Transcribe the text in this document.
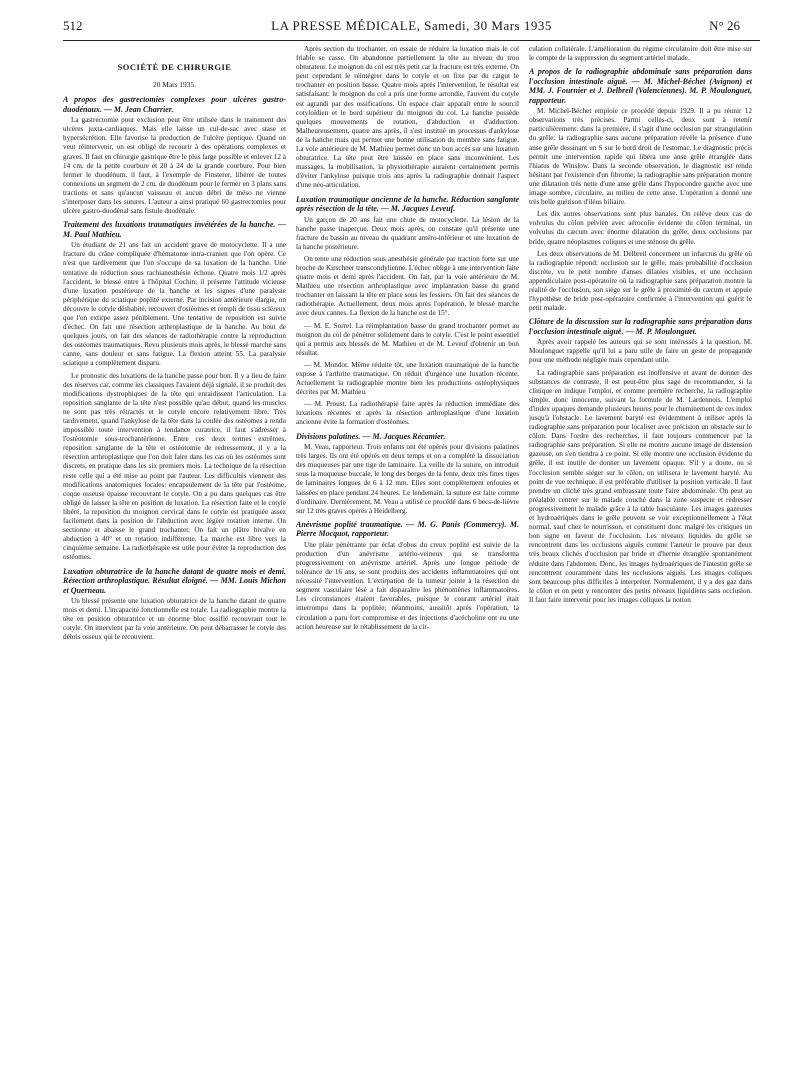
512	LA PRESSE MÉDICALE, Samedi, 30 Mars 1935	N° 26
SOCIÉTÉ DE CHIRURGIE
20 Mars 1935.
A propos des gastrectomies complexes pour ulcères gastro-duodénaux. — M. Jean Charrier.

La gastrectomie pour exclusion peut être utilisée dans le traitement des ulcères juxta-cardiaques. Mais elle laisse un cul-de-sac avec stase et hypersécrétion. Elle favorise la production de l'ulcère peptique. Quand on veut réintervenir, on est obligé de recourir à des opérations complexes et graves. Il faut en chirurgie gastrique être le plus large possible et enlever 12 à 14 cm. de la petite courbure et 20 à 24 de la grande courbure. Pour bien fermer le duodénum, il faut, à l'exemple de Finsterer, libérer de toutes connexions un segment de 2 cm. de duodénum pour le fermer en 3 plans sans tractions et sans qu'aucun vaisseau et aucun débri de méso ne vienne s'interposer dans les sutures. L'auteur a ainsi pratiqué 60 gastrectomies pour ulcère gastro-duodénal sans fistule duodénale.

Traitement des luxations traumatiques invétérées de la hanche. — M. Paul Mathieu.

Un étudiant de 21 ans fait un accident grave de motocyclette. Il a une fracture du crâne compliquée d'hématome intra-cranien que l'on opère. Ce n'est que tardivement que l'on s'occupe de sa luxation de la hanche. Une tentative de réduction sous rachianesthésie échoue. Quatre mois 1/2 après l'accident, le blessé entre à l'hôpital Cochin; il présente l'attitude vicieuse d'une luxation postérieure de la hanche et les signes d'une paralysie périphérique du sciatique poplité externe. Par incision antérieure élargie, on découvre le cotyle déshabité, recouvert d'ostéomes et rempli de tissu scléreux que l'on extirpe assez péniblement. Une tentative de reposition est suivie d'échec. On fait une résection arthroplastique de la hanche. Au bout de quelques jours, on fait des séances de radiothérapie contre la reproduction des ostéomes traumatiques. Revu plusieurs mois après, le blessé marche sans canne, sans douleur et sans fatigue. La flexion atteint 55. La paralysie sciatique a complètement disparu.

Le pronostic des luxations de la hanche passe pour bon. Il y a lieu de faire des réserves car, comme les classiques l'avaient déjà signalé, il se produit des modifications dystrophiques de la tête qui enraidissent l'articulation. La reposition sanglante de la tête n'est possible qu'au début, quand les muscles ne sont pas très rétractés et le cotyle encore relativement libre. Très tardivement, quand l'ankylose de la tête dans la coulée des ostéomes a rendu impossible toute intervention à tendance curatrice, il faut s'adresser à l'ostéotomie sous-trochantérienne. Entre ces deux termes extrêmes, reposition sanglante de la tête et ostéotomie de redressement, il y a la résection arthroplastique que l'on doit faire dans les cas où les ostéomes sont discrets, en pratique dans les six premiers mois. La technique de la résection reste celle qui a été mise au point par l'auteur. Les difficultés viennent des modifications anatomiques locales: encapsulement de la tête par l'ostéome, coque osseuse épaisse recouvrant le cotyle. On a pu dans quelques cas être obligé de laisser la tête en position de luxation. La résection faite et le cotyle libéré, la reposition du moignon cervical dans le cotyle est pratiquée assez facilement dans la position de l'abduction avec légère rotation interne. On sectionne et abaisse le grand trochanter. On fait un plâtre bivalve en abduction à 40° et en rotation indifférente. La marche est libre vers la cinquième semaine. La radiothérapie est utile pour éviter la reproduction des ostéomes.

Luxation obturatrice de la hanche datant de quatre mois et demi. Résection arthroplastique. Résultat éloigné. — MM. Louis Michon et Querneau.

Un blessé présente une luxation obturatrice de la hanche datant de quatre mois et demi. L'incapacité fonctionnelle est totale. La radiographie montre la tête en position obturatrice et un énorme bloc ossifié recouvrant tout le cotyle. On intervient par la voie antérieure. On peut débarrasser le cotyle des débris osseux qui le recouvrent.

Après section du trochanter, on essaie de réduire la luxation mais le col friable se casse. On abandonne partiellement la tête au niveau du trou obturateur. Le moignon du col est très petit car la fracture est très externe. On peut cependant le réintégrer dans le cotyle et on fixe par du catgut le trochanter en position basse. Quatre mois après l'intervention, le résultat est satisfaisant: le moignon du col a pris une forme arrondie, l'auvent du cotyle est agrandi par des ossifications. Un espace clair apparaît entre le sourcil cotyloïdien et le bord supérieur du moignon du col. La hanche possède quelques mouvements de rotation, d'abduction et d'adduction. Malheureusement, quatre ans après, il s'est institué un processus d'ankylose de la hanche mais qui permet une bonne utilisation du membre sans fatigue. La voie antérieure de M. Mathieu permet donc un bon accès sur une luxation obturatrice. La tête peut être laissée en place sans inconvénient. Les massages, la mobilisation, la physiothérapie auraient certainement permis d'éviter l'ankylose puisque trois ans après la radiographie donnait l'aspect d'une néo-articulation.

Luxation traumatique ancienne de la hanche. Réduction sanglante après résection de la tête. — M. Jacques Leveuf.

Un garçon de 20 ans fait une chute de motocyclette. La lésion de la hanche passe inaperçue. Deux mois après, on constate qu'il présente une fracture du bassin au niveau du quadrant antéro-inférieur et une luxation de la hanche postérieure.

On tente une réduction sous anesthésie générale par traction forte sur une broche de Kirschner transcondylienne. L'échec oblige à une intervention faite quatre mois et demi après l'accident. On fait, par la voie antérieure de M. Mathieu une résection arthroplastique avec implantation basse du grand trochanter en laissant la tête en place sous les fessiers. On fait des séances de radiothérapie. Actuellement, deux mois après l'opération, le blessé marche avec deux cannes. La flexion de la hanche est de 15°.

— M. E. Sorrel. La réimplantation basse du grand trochanter permet au moignon du col de pénétrer solidement dans le cotyle. C'est le point essentiel qui a permis aux blessés de M. Mathieu et de M. Leveuf d'obtenir un bon résultat.

— M. Mondor. Même réduite tôt, une luxation traumatique de la hanche expose à l'arthrite traumatique. On réduit d'urgence une luxation récente. Actuellement la radiographie montre bien les productions ostéophysiques décrites par M. Mathieu.

— M. Proust. La radiothérapie faite après la réduction immédiate des luxations récentes et après la résection arthroplastique d'une luxation ancienne évite la formation d'ostéomes.

Divisions palatines. — M. Jacques Récamier.

M. Veau, rapporteur. Trois enfants ont été opérés pour divisions palatines très larges. Ils ont été opérés en deux temps et on a complété la dissociation des muqueuses par une tige de laminaire. La veille de la suture, on introduit sous la muqueuse buccale, le long des berges de la fente, deux très fines tiges de laminaires longues de 6 à 12 mm. Elles sont complètement enfouies et laissées en place pendant 24 heures. Le lendemain, la suture est faite comme d'ordinaire. Dernièrement, M. Veau a utilisé ce procédé dans 6 becs-de-lièvre sur 12 très graves opérés à Heidelberg.

Anévrisme poplité traumatique. — M. G. Panis (Commercy). M. Pierre Mocquot, rapporteur.

Une plaie pénétrante par éclat d'obus du creux poplité est suivie de la production d'un anévrisme artério-veineux qui se transforma progressivement en anévrisme artériel. Après une longue période de tolérance de 16 ans, se sont produits des accidents inflammatoires qui ont nécessité l'intervention. L'extirpation de la tumeur jointe à la résection du segment vasculaire lésé a fait disparaître les phénomènes inflammatoires. Les circonstances étaient favorables, puisque le courant artériel était interrompu dans la poplitée; néanmoins, aussitôt après l'opération, la circulation a paru fort compromise et des injections d'acécholine ont eu une action heureuse sur le rétablissement de la cir-

culation collatérale. L'amélioration du régime circulatoire doit être mise sur le compte de la suppression du segment artériel malade.

A propos de la radiographie abdominale sans préparation dans l'occlusion intestinale aiguë. — M. Michel-Béchet (Avignon) et MM. J. Fournier et J. Delbreil (Valenciennes). M. P. Moulonguet, rapporteur.

M. Michel-Béchet emploie ce procédé depuis 1929. Il a pu réunir 12 observations très précises. Parmi celles-ci, deux sont à retenir particulièrement: dans la première, il s'agit d'une occlusion par strangulation du grêle: la radiographie sans aucune préparation révèle la présence d'une anse grêle dessinant un S sur le bord droit de l'estomac. Le diagnostic précis permit une intervention rapide qui libéra une anse grêle étranglée dans l'hiatus de Winslow. Dans la seconde observation, le diagnostic est rendu hésitant par l'existence d'un fibrome; la radiographie sans préparation montre une dilatation très nette d'une anse grêle dans l'hypocondre gauche avec une image sombre, circulaire, au milieu de cette anse. L'opération a donné une très belle guérison d'iléus biliaire.

Les dix autres observations sont plus banales. On relève deux cas de volvulus du côlon pelvien avec aérocolie évidente du côlon terminal, un volvulus du cæcum avec énorme dilatation du grêle, deux occlusions par bride, quatre néoplasmes coliques et une sténose du grêle.

Les deux observations de M. Delbreil concernent un infarctus du grêle où la radiographie répond: occlusion sur le grêle, mais probabilité d'occlusion discrète, vu le petit nombre d'anses dilatées visibles, et une occlusion appendiculaire post-opératoire où la radiographie sans préparation montre la réalité de l'occlusion, son siège sur le grêle à proximité du cæcum et appuie l'hypothèse de bride post-opératoire confirmée à l'intervention qui guérit le petit malade.

Clôture de la discussion sur la radiographie sans préparation dans l'occlusion intestinale aiguë. — M. P. Moulonguet.

Après avoir rappelé les auteurs qui se sont intéressés à la question, M. Moulonguet rappelle qu'il lui a paru utile de faire un geste de propagande pour une méthode négligée mais cependant utile.

La radiographie sans préparation est inoffensive et avant de donner des substances de contraste, il est peut-être plus sage de recommander, si la clinique en indique l'emploi, et comme première recherche, la radiographie simple, donc innocente, suivant la formule de M. Lardennois. L'emploi d'index opaques demande plusieurs heures pour le cheminement de ces index jusqu'à l'obstacle. Le lavement baryté est évidemment à utiliser après la radiographie sans préparation pour localiser avec précision un obstacle sur le côlon. Dans l'ordre des recherches, il faut toujours commencer par la radiographie sans préparation. Si elle ne montre aucune image de distension gazeuse, on s'en tiendra à ce point. Si elle montre une occlusion évidente du grêle, il est inutile de donner un lavement opaque. S'il y a doute, ou si l'occlusion semble siéger sur le côlon, on utilisera le lavement baryté. Au point de vue technique, il est préférable d'utiliser la position verticale. Il faut prendre un cliché très grand embrassant toute l'aire abdominale. On peut au préalable centrer sur le malade couché dans la zone suspecte et redresser progressivement le malade grâce à la table basculante. Les images gazeuses et hydroaériques dans le grêle peuvent se voir exceptionnellement à l'état normal, sauf chez le nourrisson, et constituent donc malgré les critiques un bon signe en faveur de l'occlusion. Les niveaux liquides du grêle se rencontrent dans les occlusions aiguës comme l'auteur le prouve par deux très beaux clichés d'occlusion par bride et d'hernie étranglée spontanément réduite dans l'abdomen. Donc, les images hydroaériques de l'intestin grêle se rencontrent couramment dans les occlusions aiguës. Les images coliques sont beaucoup plus difficiles à interpréter. Normalement, il y a des gaz dans le côlon et on peut y rencontrer des petits niveaux liquidiens sans occlusion. Il faut faire intervenir pour les images coliques la notion
